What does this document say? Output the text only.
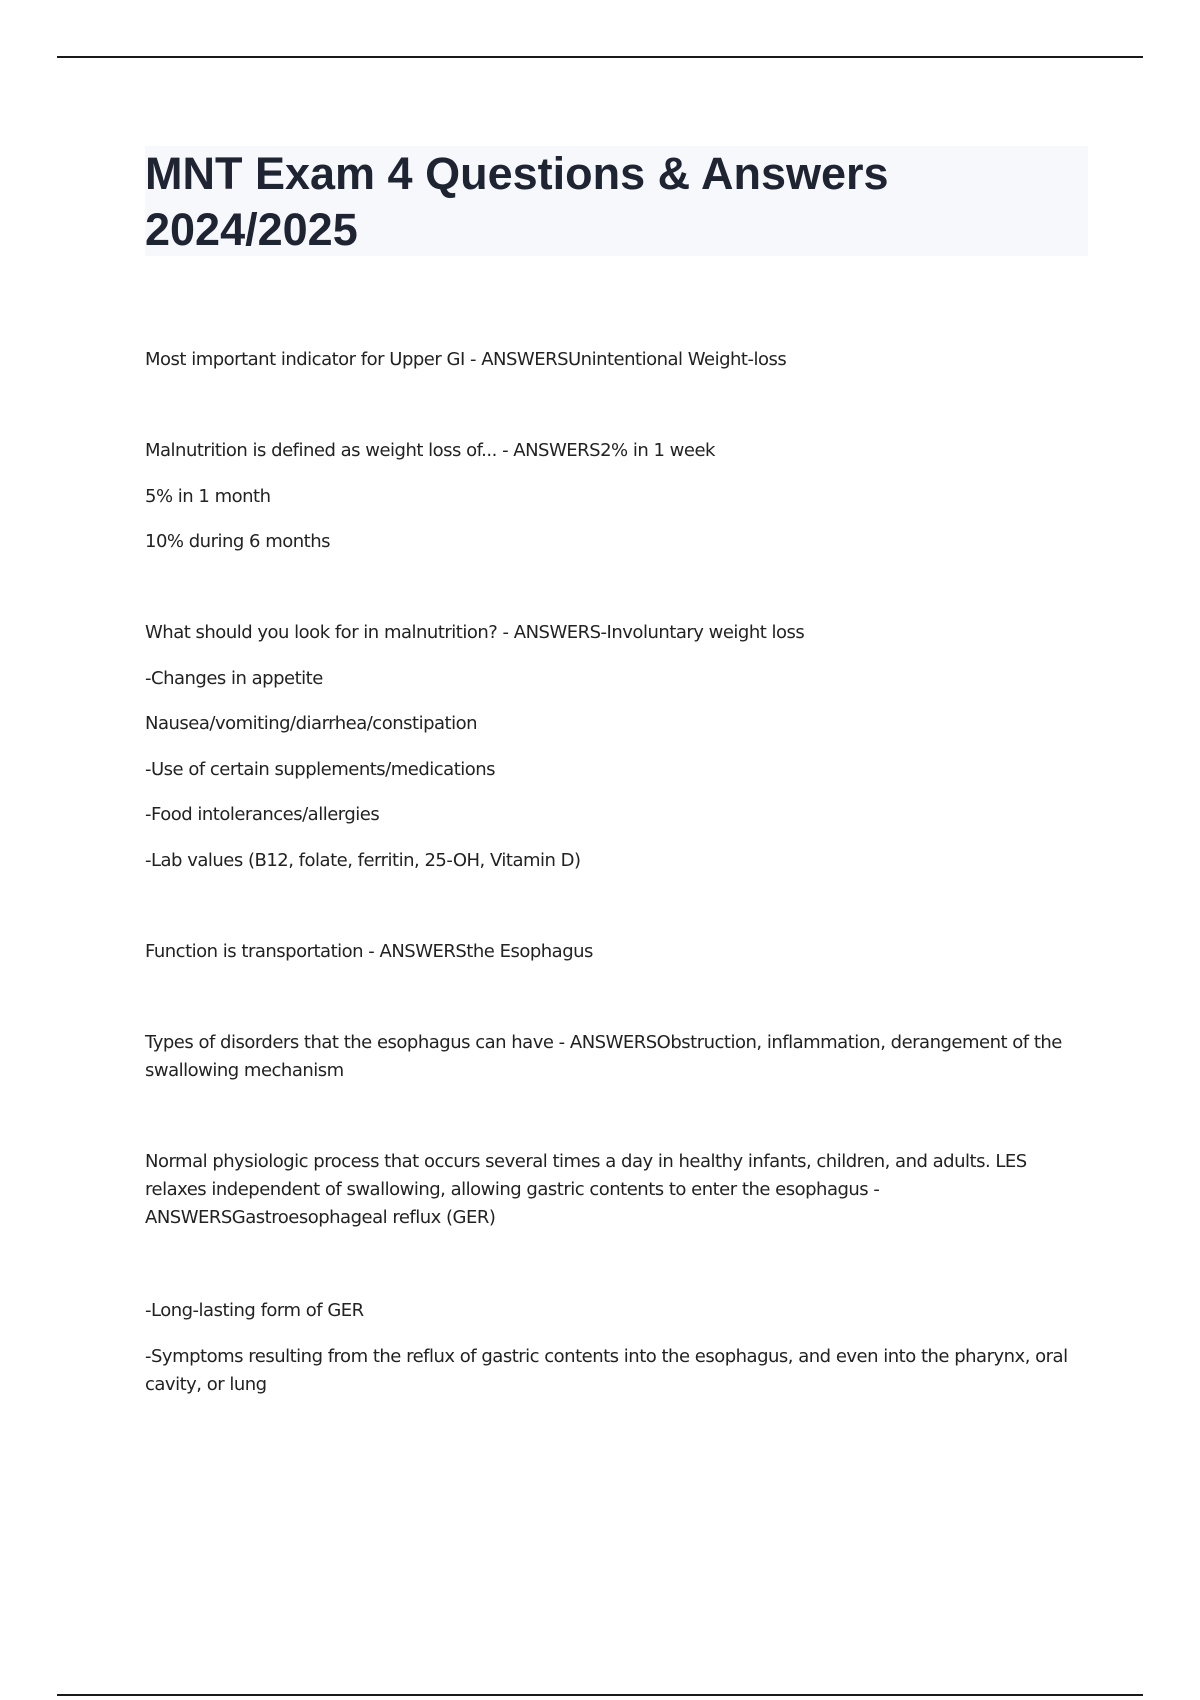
MNT Exam 4 Questions & Answers 2024/2025

Most important indicator for Upper GI - ANSWERSUnintentional Weight-loss

Malnutrition is defined as weight loss of... - ANSWERS2% in 1 week

5% in 1 month

10% during 6 months

What should you look for in malnutrition? - ANSWERS-Involuntary weight loss

-Changes in appetite

Nausea/vomiting/diarrhea/constipation

-Use of certain supplements/medications

-Food intolerances/allergies

-Lab values (B12, folate, ferritin, 25-OH, Vitamin D)

Function is transportation - ANSWERSthe Esophagus

Types of disorders that the esophagus can have - ANSWERSObstruction, inflammation, derangement of the swallowing mechanism

Normal physiologic process that occurs several times a day in healthy infants, children, and adults. LES relaxes independent of swallowing, allowing gastric contents to enter the esophagus - ANSWERSGastroesophageal reflux (GER)

-Long-lasting form of GER

-Symptoms resulting from the reflux of gastric contents into the esophagus, and even into the pharynx, oral cavity, or lung
